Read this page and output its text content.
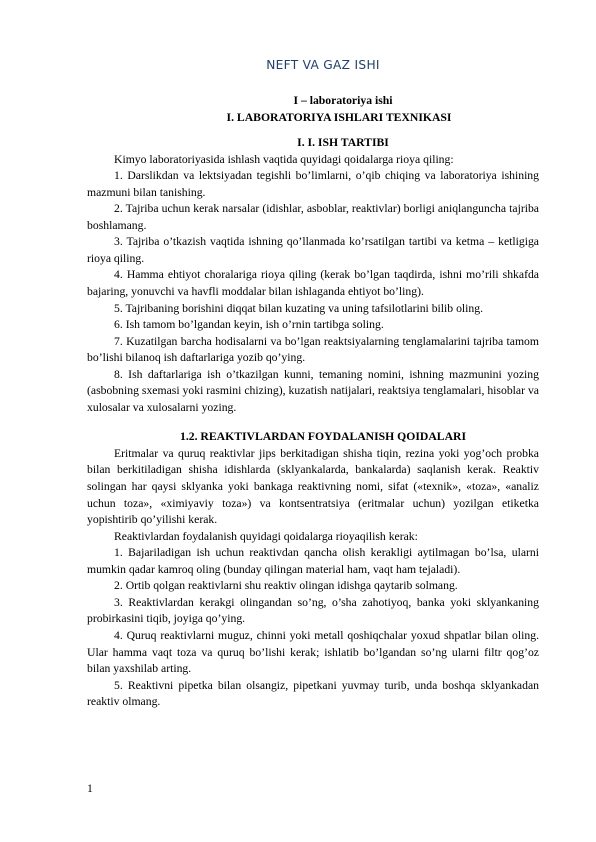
NEFT VA GAZ ISHI
I – laboratoriya ishi
I. LABORATORIYA ISHLARI TEXNIKASI
I. I. ISH TARTIBI

Kimyo laboratoriyasida ishlash vaqtida quyidagi qoidalarga rioya qiling:

1. Darslikdan va lektsiyadan tegishli bo’limlarni, o’qib chiqing va laboratoriya ishining mazmuni bilan tanishing.

2. Tajriba uchun kerak narsalar (idishlar, asboblar, reaktivlar) borligi aniqlanguncha tajriba boshlamang.

3. Tajriba o’tkazish vaqtida ishning qo’llanmada ko’rsatilgan tartibi va ketma – ketligiga rioya qiling.

4. Hamma ehtiyot choralariga rioya qiling (kerak bo’lgan taqdirda, ishni mo’rili shkafda bajaring, yonuvchi va havfli moddalar bilan ishlaganda ehtiyot bo’ling).

5. Tajribaning borishini diqqat bilan kuzating va uning tafsilotlarini bilib oling.

6. Ish tamom bo’lgandan keyin, ish o’rnin tartibga soling.

7. Kuzatilgan barcha hodisalarni va bo’lgan reaktsiyalarning tenglamalarini tajriba tamom bo’lishi bilanoq ish daftarlariga yozib qo’ying.

8. Ish daftarlariga ish o’tkazilgan kunni, temaning nomini, ishning mazmunini yozing (asbobning sxemasi yoki rasmini chizing), kuzatish natijalari, reaktsiya tenglamalari, hisoblar va xulosalar va xulosalarni yozing.

1.2. REAKTIVLARDAN FOYDALANISH QOIDALARI

Eritmalar va quruq reaktivlar jips berkitadigan shisha tiqin, rezina yoki yog’och probka bilan berkitiladigan shisha idishlarda (sklyankalarda, bankalarda) saqlanish kerak. Reaktiv solingan har qaysi sklyanka yoki bankaga reaktivning nomi, sifat («texnik», «toza», «analiz uchun toza», «ximiyaviy toza») va kontsentratsiya (eritmalar uchun) yozilgan etiketka yopishtirib qo’yilishi kerak.

Reaktivlardan foydalanish quyidagi qoidalarga rioyaqilish kerak:

1. Bajariladigan ish uchun reaktivdan qancha olish kerakligi aytilmagan bo’lsa, ularni mumkin qadar kamroq oling (bunday qilingan material ham, vaqt ham tejaladi).

2. Ortib qolgan reaktivlarni shu reaktiv olingan idishga qaytarib solmang.

3. Reaktivlardan kerakgi olingandan so’ng, o’sha zahotiyoq, banka yoki sklyankaning probirkasini tiqib, joyiga qo’ying.

4. Quruq reaktivlarni muguz, chinni yoki metall qoshiqchalar yoxud shpatlar bilan oling. Ular hamma vaqt toza va quruq bo’lishi kerak; ishlatib bo’lgandan so’ng ularni filtr qog’oz bilan yaxshilab arting.

5. Reaktivni pipetka bilan olsangiz, pipetkani yuvmay turib, unda boshqa sklyankadan reaktiv olmang.

1
